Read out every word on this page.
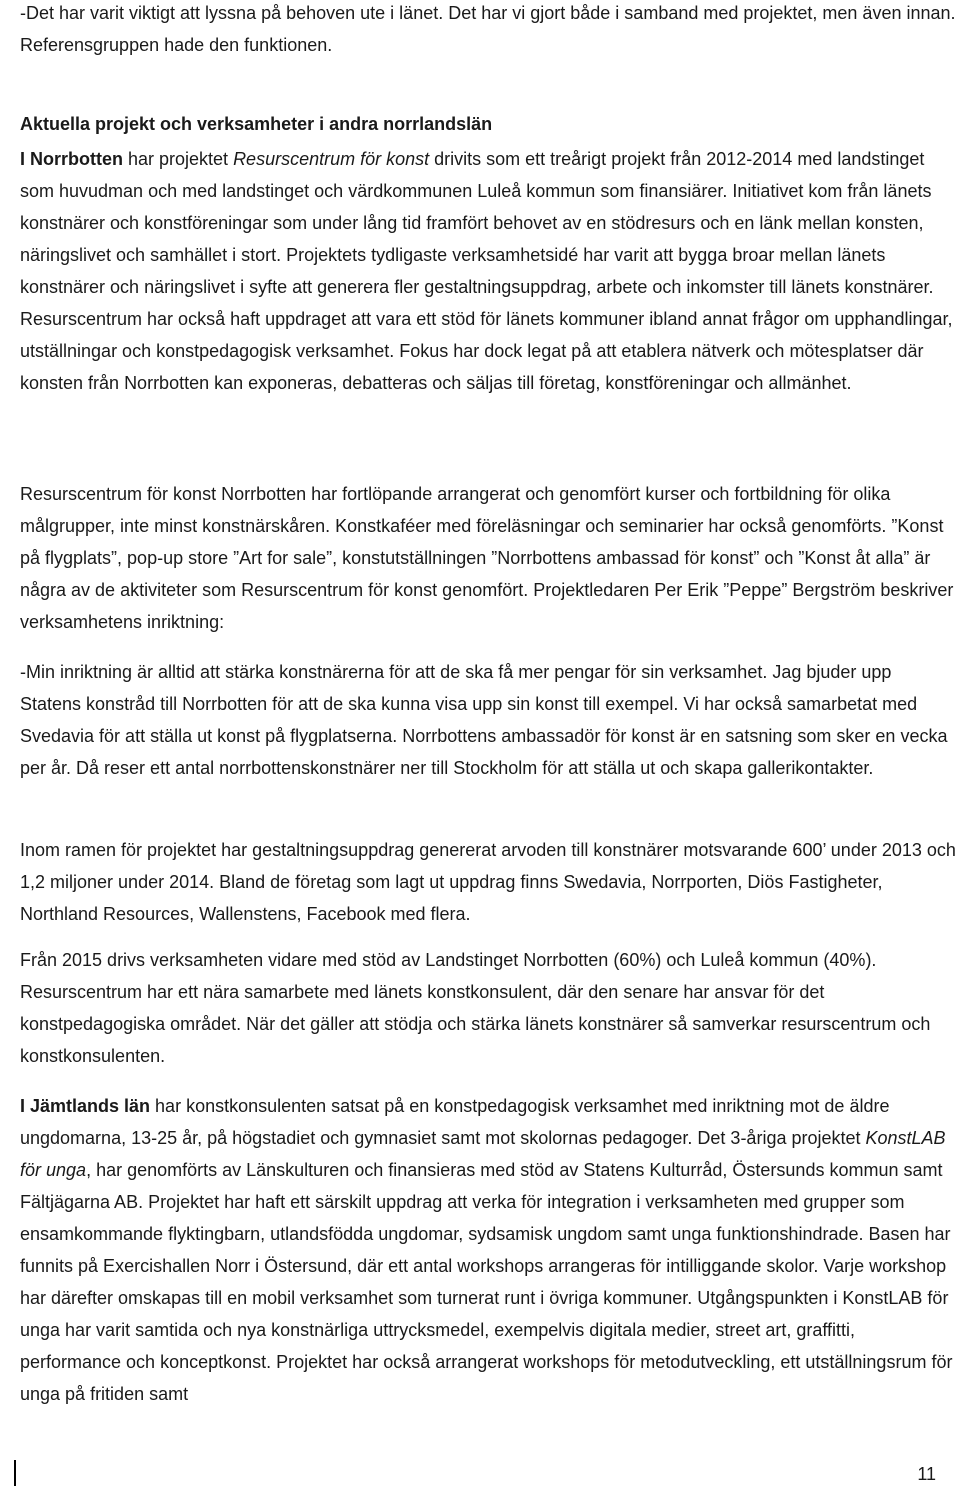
-Det har varit viktigt att lyssna på behoven ute i länet. Det har vi gjort både i samband med projektet, men även innan. Referensgruppen hade den funktionen.
Aktuella projekt och verksamheter i andra norrlandslän
I Norrbotten har projektet Resurscentrum för konst drivits som ett treårigt projekt från 2012-2014 med landstinget som huvudman och med landstinget och värdkommunen Luleå kommun som finansiärer. Initiativet kom från länets konstnärer och konstföreningar som under lång tid framfört behovet av en stödresurs och en länk mellan konsten, näringslivet och samhället i stort. Projektets tydligaste verksamhetsidé har varit att bygga broar mellan länets konstnärer och näringslivet i syfte att generera fler gestaltningsuppdrag, arbete och inkomster till länets konstnärer. Resurscentrum har också haft uppdraget att vara ett stöd för länets kommuner ibland annat frågor om upphandlingar, utställningar och konstpedagogisk verksamhet. Fokus har dock legat på att etablera nätverk och mötesplatser där konsten från Norrbotten kan exponeras, debatteras och säljas till företag, konstföreningar och allmänhet.
Resurscentrum för konst Norrbotten har fortlöpande arrangerat och genomfört kurser och fortbildning för olika målgrupper, inte minst konstnärskåren. Konstkaféer med föreläsningar och seminarier har också genomförts. ”Konst på flygplats”, pop-up store ”Art for sale”, konstutställningen ”Norrbottens ambassad för konst” och ”Konst åt alla” är några av de aktiviteter som Resurscentrum för konst genomfört. Projektledaren Per Erik ”Peppe” Bergström beskriver verksamhetens inriktning:
-Min inriktning är alltid att stärka konstnärerna för att de ska få mer pengar för sin verksamhet. Jag bjuder upp Statens konstråd till Norrbotten för att de ska kunna visa upp sin konst till exempel. Vi har också samarbetat med Svedavia för att ställa ut konst på flygplatserna. Norrbottens ambassadör för konst är en satsning som sker en vecka per år. Då reser ett antal norrbottenskonstnärer ner till Stockholm för att ställa ut och skapa gallerikontakter.
Inom ramen för projektet har gestaltningsuppdrag genererat arvoden till konstnärer motsvarande 600’ under 2013 och 1,2 miljoner under 2014. Bland de företag som lagt ut uppdrag finns Swedavia, Norrporten, Diös Fastigheter, Northland Resources, Wallenstens, Facebook med flera.
Från 2015 drivs verksamheten vidare med stöd av Landstinget Norrbotten (60%) och Luleå kommun (40%). Resurscentrum har ett nära samarbete med länets konstkonsulent, där den senare har ansvar för det konstpedagogiska området. När det gäller att stödja och stärka länets konstnärer så samverkar resurscentrum och konstkonsulenten.
I Jämtlands län har konstkonsulenten satsat på en konstpedagogisk verksamhet med inriktning mot de äldre ungdomarna, 13-25 år, på högstadiet och gymnasiet samt mot skolornas pedagoger. Det 3-åriga projektet KonstLAB för unga, har genomförts av Länskulturen och finansieras med stöd av Statens Kulturråd, Östersunds kommun samt Fältjägarna AB. Projektet har haft ett särskilt uppdrag att verka för integration i verksamheten med grupper som ensamkommande flyktingbarn, utlandsfödda ungdomar, sydsamisk ungdom samt unga funktionshindrade. Basen har funnits på Exercishallen Norr i Östersund, där ett antal workshops arrangeras för intilliggande skolor. Varje workshop har därefter omskapas till en mobil verksamhet som turnerat runt i övriga kommuner. Utgångspunkten i KonstLAB för unga har varit samtida och nya konstnärliga uttrycksmedel, exempelvis digitala medier, street art, graffitti, performance och konceptkonst. Projektet har också arrangerat workshops för metodutveckling, ett utställningsrum för unga på fritiden samt
11
